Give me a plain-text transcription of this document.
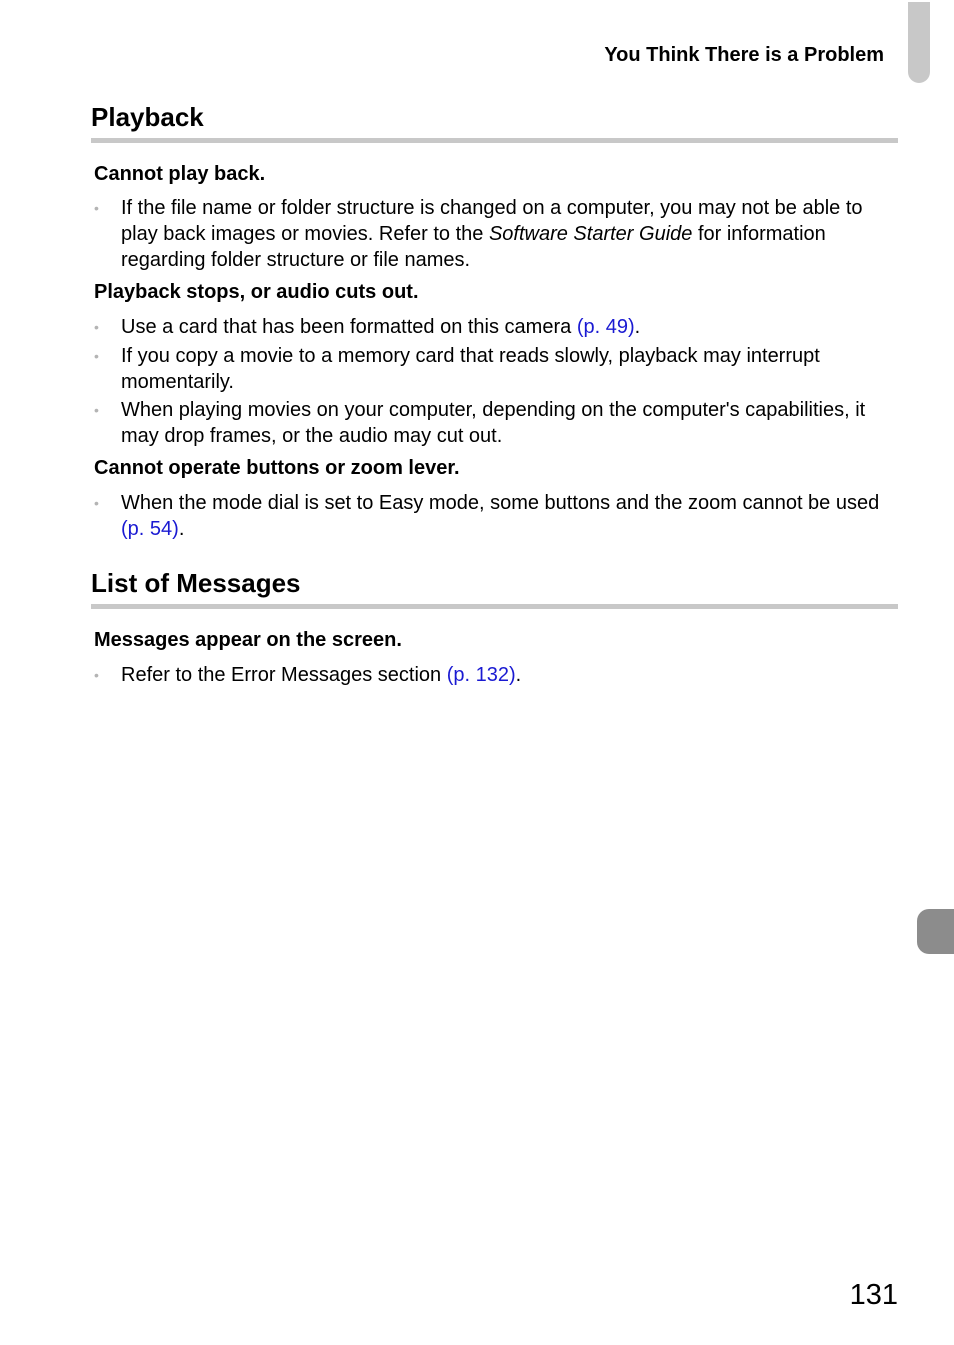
You Think There is a Problem
Playback
Cannot play back.
• If the file name or folder structure is changed on a computer, you may not be able to play back images or movies. Refer to the Software Starter Guide for information regarding folder structure or file names.
Playback stops, or audio cuts out.
• Use a card that has been formatted on this camera (p. 49).
• If you copy a movie to a memory card that reads slowly, playback may interrupt momentarily.
• When playing movies on your computer, depending on the computer's capabilities, it may drop frames, or the audio may cut out.
Cannot operate buttons or zoom lever.
• When the mode dial is set to Easy mode, some buttons and the zoom cannot be used (p. 54).
List of Messages
Messages appear on the screen.
• Refer to the Error Messages section (p. 132).
131
